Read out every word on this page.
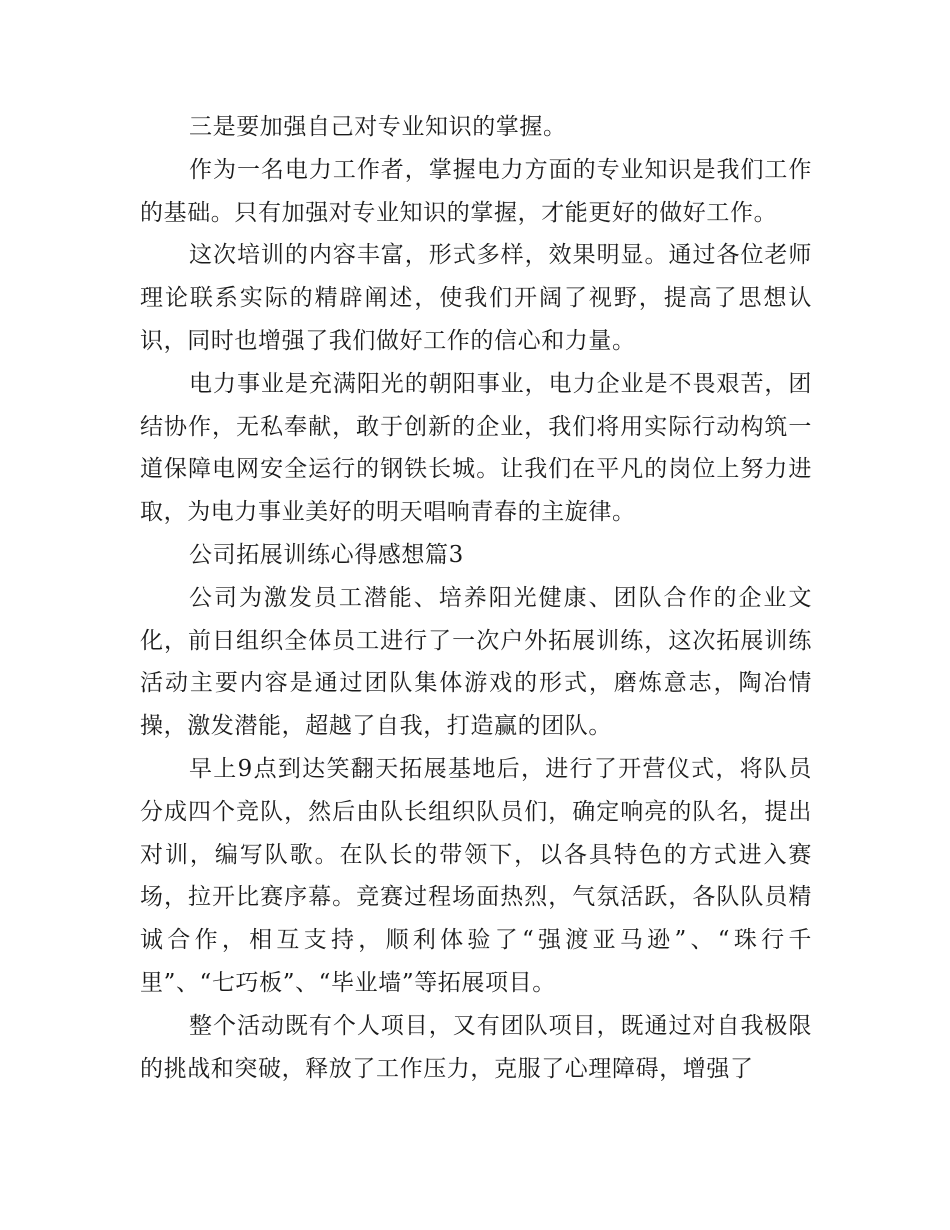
三是要加强自己对专业知识的掌握。

作为一名电力工作者，掌握电力方面的专业知识是我们工作的基础。只有加强对专业知识的掌握，才能更好的做好工作。

这次培训的内容丰富，形式多样，效果明显。通过各位老师理论联系实际的精辟阐述，使我们开阔了视野，提高了思想认识，同时也增强了我们做好工作的信心和力量。

电力事业是充满阳光的朝阳事业，电力企业是不畏艰苦，团结协作，无私奉献，敢于创新的企业，我们将用实际行动构筑一道保障电网安全运行的钢铁长城。让我们在平凡的岗位上努力进取，为电力事业美好的明天唱响青春的主旋律。

公司拓展训练心得感想篇3

公司为激发员工潜能、培养阳光健康、团队合作的企业文化，前日组织全体员工进行了一次户外拓展训练，这次拓展训练活动主要内容是通过团队集体游戏的形式，磨炼意志，陶冶情操，激发潜能，超越了自我，打造赢的团队。

早上9点到达笑翻天拓展基地后，进行了开营仪式，将队员分成四个竞队，然后由队长组织队员们，确定响亮的队名，提出对训，编写队歌。在队长的带领下，以各具特色的方式进入赛场，拉开比赛序幕。竞赛过程场面热烈，气氛活跃，各队队员精诚合作，相互支持，顺利体验了“强渡亚马逊”、“珠行千里”、“七巧板”、“毕业墙”等拓展项目。

整个活动既有个人项目，又有团队项目，既通过对自我极限的挑战和突破，释放了工作压力，克服了心理障碍，增强了
